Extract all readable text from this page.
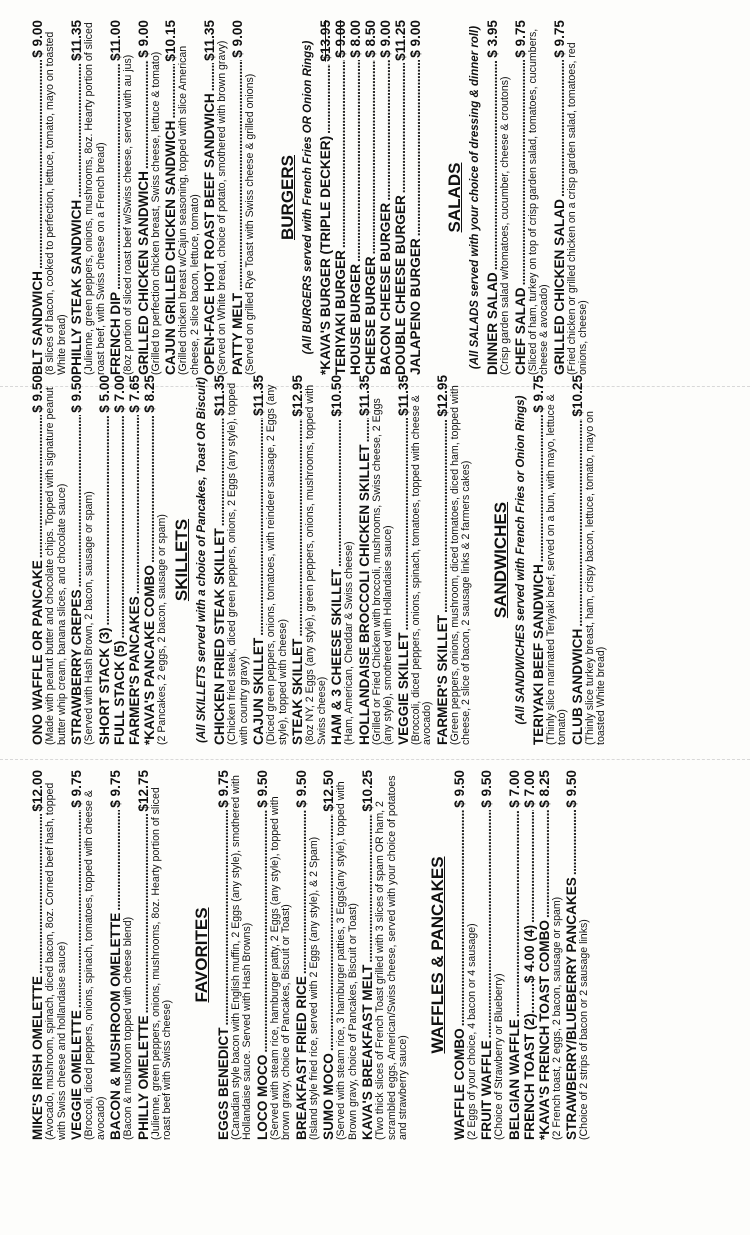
MIKE'S IRISH OMELETTE
.....
$12.00 (Avocado, mushroom, spinach, diced bacon, 8oz. Corned beef hash, topped with Swiss cheese and hollandaise sauce) VEGGIE OMELETTE
.....
$ 9.75
(Broccoli, diced peppers, onions, spinach, tomatoes, topped with cheese & avocado) BACON & MUSHROOM OMELETTE
.....
$ 9.75
(Bacon & mushroom topped with cheese blend) PHILLY OMELETTE
.....
$12.75 (Julienne, green peppers, onions, mushrooms, 8oz. Hearty portion of sliced roast beef with Swiss cheese)
FAVORITES
EGGS BENEDICT
.....
$ 9.75 (Canadian style bacon with English muffin, 2 Eggs (any style), smothered with Hollandaise sauce. Served with Hash Browns) LOCO MOCO
.....
$ 9.50
(Served with steam rice, hamburger patty, 2 Eggs (any style), topped with brown gravy, choice of Pancakes, Biscuit or Toast) BREAKFAST FRIED RICE
.....
$ 9.50
(Island style fried rice, served with 2 Eggs (any style), & 2 Spam) SUMO MOCO
.....
$12.50 (Served with steam rice, 3 hamburger patties, 3 Eggs(any style), topped with Brown gravy, choice of Pancakes, Biscuit or Toast) KAVA'S BREAKFAST MELT
.....
$10.25
(Two thick slices of French Toast grilled with 3 slices of spam OR ham, 2 scrambled eggs, American/Swiss cheese, served with your choice of potatoes and strawberry sauce)
WAFFLES & PANCAKES
WAFFLE COMBO
.....
$ 9.50
(2 Eggs of your choice, 4 bacon or 4 sausage) FRUIT WAFFLE
.....
$ 9.50
(Choice of Strawberry or Blueberry) BELGIAN WAFFLE
.....
$ 7.00
FRENCH TOAST (2)........$ 4.00 (4)
.....
$ 7.00
*KAVA'S FRENCH TOAST COMBO
.....
$ 8.25
(2 French toast, 2 eggs, 2 bacon, sausage or spam) STRAWBERRY/BLUEBERRY PANCAKES
.....
$ 9.50
(Choice of 2 strips of bacon or 2 sausage links)
ONO WAFFLE OR PANCAKE
.....
$ 9.50 (Made with peanut butter and chocolate chips. Topped with signature peanut butter whip cream, banana slices, and chocolate sauce) STRAWBERRY CREPES
.....
$ 9.50
(Served with Hash Brown, 2 bacon, sausage or spam) SHORT STACK (3)
.....
$ 5.00
FULL STACK (5)
.....
$ 7.00
FARMER'S PANCAKES
.....
$ 7.65
*KAVA'S PANCAKE COMBO
.....
$ 8.25
(2 Pancakes, 2 eggs, 2 bacon, sausage or spam) SKILLETS (All SKILLETS served with a choice of Pancakes, Toast OR Biscuit) CHICKEN FRIED STEAK SKILLET
.....
$11.35 (Chicken fried steak, diced green peppers, onions, 2 Eggs (any style), topped with country gravy) CAJUN SKILLET
.....
$11.35 (Diced green peppers, onions, tomatoes, with reindeer sausage, 2 Eggs (any style), topped with cheese) STEAK SKILLET
.....
$12.95 (8oz NY, 2 Eggs (any style), green peppers, onions, mushrooms, topped with Swiss cheese) HAM & 3 CHEESE SKILLET
.....
$10.50
(Ham, American, Cheddar & Swiss cheese) HOLLANDAISE BROCCOLI CHICKEN SKILLET
.....
$11.35
(Grilled or Fried Chicken with broccoli, mushrooms, Swiss cheese, 2 Eggs (any style), smothered with Hollandaise sauce) VEGGIE SKILLET
.....
$11.35 (Broccoli, diced peppers, onions, spinach, tomatoes, topped with cheese & avocado) FARMER'S SKILLET
.....
$12.95 (Green peppers, onions, mushroom, diced tomatoes, diced ham, topped with cheese, 2 slice of bacon, 2 sausage links & 2 farmers cakes) SANDWICHES (All SANDWICHES served with French Fries or Onion Rings) TERIYAKI BEEF SANDWICH
.....
$ 9.75
(Thinly slice marinated Teriyaki beef, served on a bun, with mayo, lettuce & tomato) CLUB SANDWICH
.....
$10.25
(Thinly slice turkey breast, ham, crispy bacon, lettuce, tomato, mayo on toasted White bread)
BLT SANDWICH
.....
$ 9.00 (8 slices of bacon, cooked to perfection, lettuce, tomato, mayo on toasted White bread) PHILLY STEAK SANDWICH
.....
$11.35 (Julienne, green peppers, onions, mushrooms, 8oz. Hearty portion of sliced roast beef, with Swiss cheese on a French bread) FRENCH DIP
.....
$11.00
(8oz portion of sliced roast beef w/Swiss cheese, served with au jus) GRILLED CHICKEN SANDWICH
.....
$ 9.00
(Grilled to perfection chicken breast, Swiss cheese, lettuce & tomato) CAJUN GRILLED CHICKEN SANDWICH
.....
$10.15
(Grilled chicken breast w/Cajun seasoning, topped with slice American cheese, 2 slice bacon, lettuce, tomato) OPEN-FACE HOT ROAST BEEF SANDWICH
.....
$11.35
(Served on White bread, choice of potato, smothered with brown gravy) PATTY MELT
.....
$ 9.00
(Served on grilled Rye Toast with Swiss cheese & grilled onions) BURGERS (All BURGERS served with French Fries OR Onion Rings) *KAVA'S BURGER (TRIPLE DECKER)
.....
$13.95
TERIYAKI BURGER
.....
$ 9.00
HOUSE BURGER
.....
$ 8.00
CHEESE BURGER
.....
$ 8.50
BACON CHEESE BURGER
.....
$ 9.00
DOUBLE CHEESE BURGER
.....
$11.25
JALAPENO BURGER
.....
$ 9.00
SALADS (All SALADS served with your choice of dressing & dinner roll) DINNER SALAD
.....
$ 3.95
(Crisp garden salad w/tomatoes, cucumber, cheese & croutons) CHEF SALAD
.....
$ 9.75 (Sliced of ham, turkey on top of crisp garden salad, tomatoes, cucumbers, cheese & avocado) GRILLED CHICKEN SALAD
.....
$ 9.75
(Fried chicken or grilled chicken on a crisp garden salad, tomatoes, red onions, cheese)
